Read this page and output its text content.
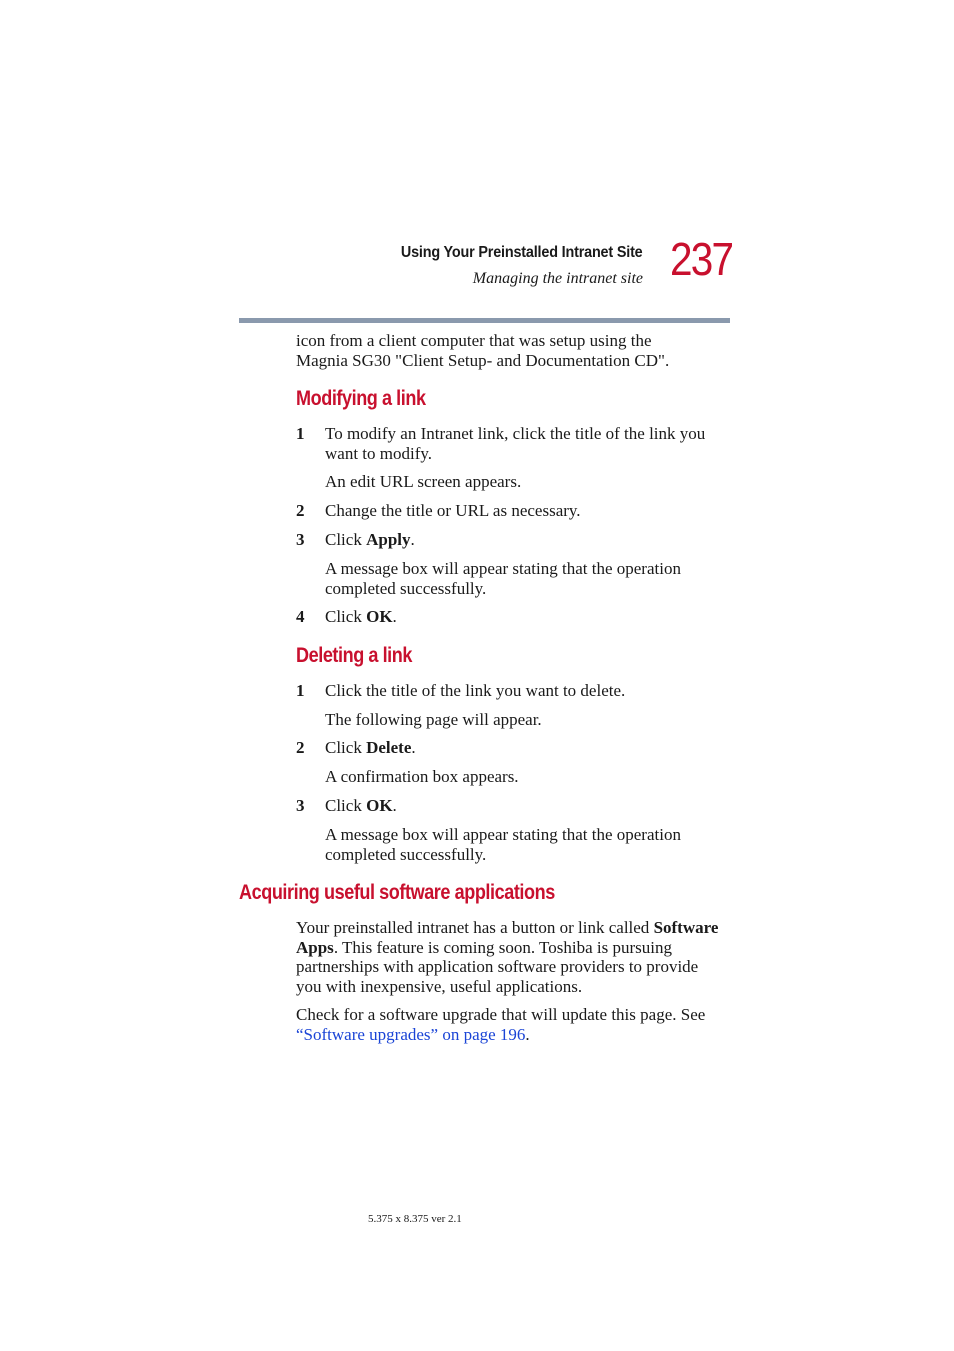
Using Your Preinstalled Intranet Site
Managing the intranet site 237
icon from a client computer that was setup using the
Magnia SG30 "Client Setup- and Documentation CD".
Modifying a link
1 To modify an Intranet link, click the title of the link you want to modify.
An edit URL screen appears.
2 Change the title or URL as necessary.
3 Click Apply.
A message box will appear stating that the operation completed successfully.
4 Click OK.
Deleting a link
1 Click the title of the link you want to delete.
The following page will appear.
2 Click Delete.
A confirmation box appears.
3 Click OK.
A message box will appear stating that the operation completed successfully.
Acquiring useful software applications
Your preinstalled intranet has a button or link called Software Apps. This feature is coming soon. Toshiba is pursuing partnerships with application software providers to provide you with inexpensive, useful applications.
Check for a software upgrade that will update this page. See “Software upgrades” on page 196.
5.375 x 8.375 ver 2.1
